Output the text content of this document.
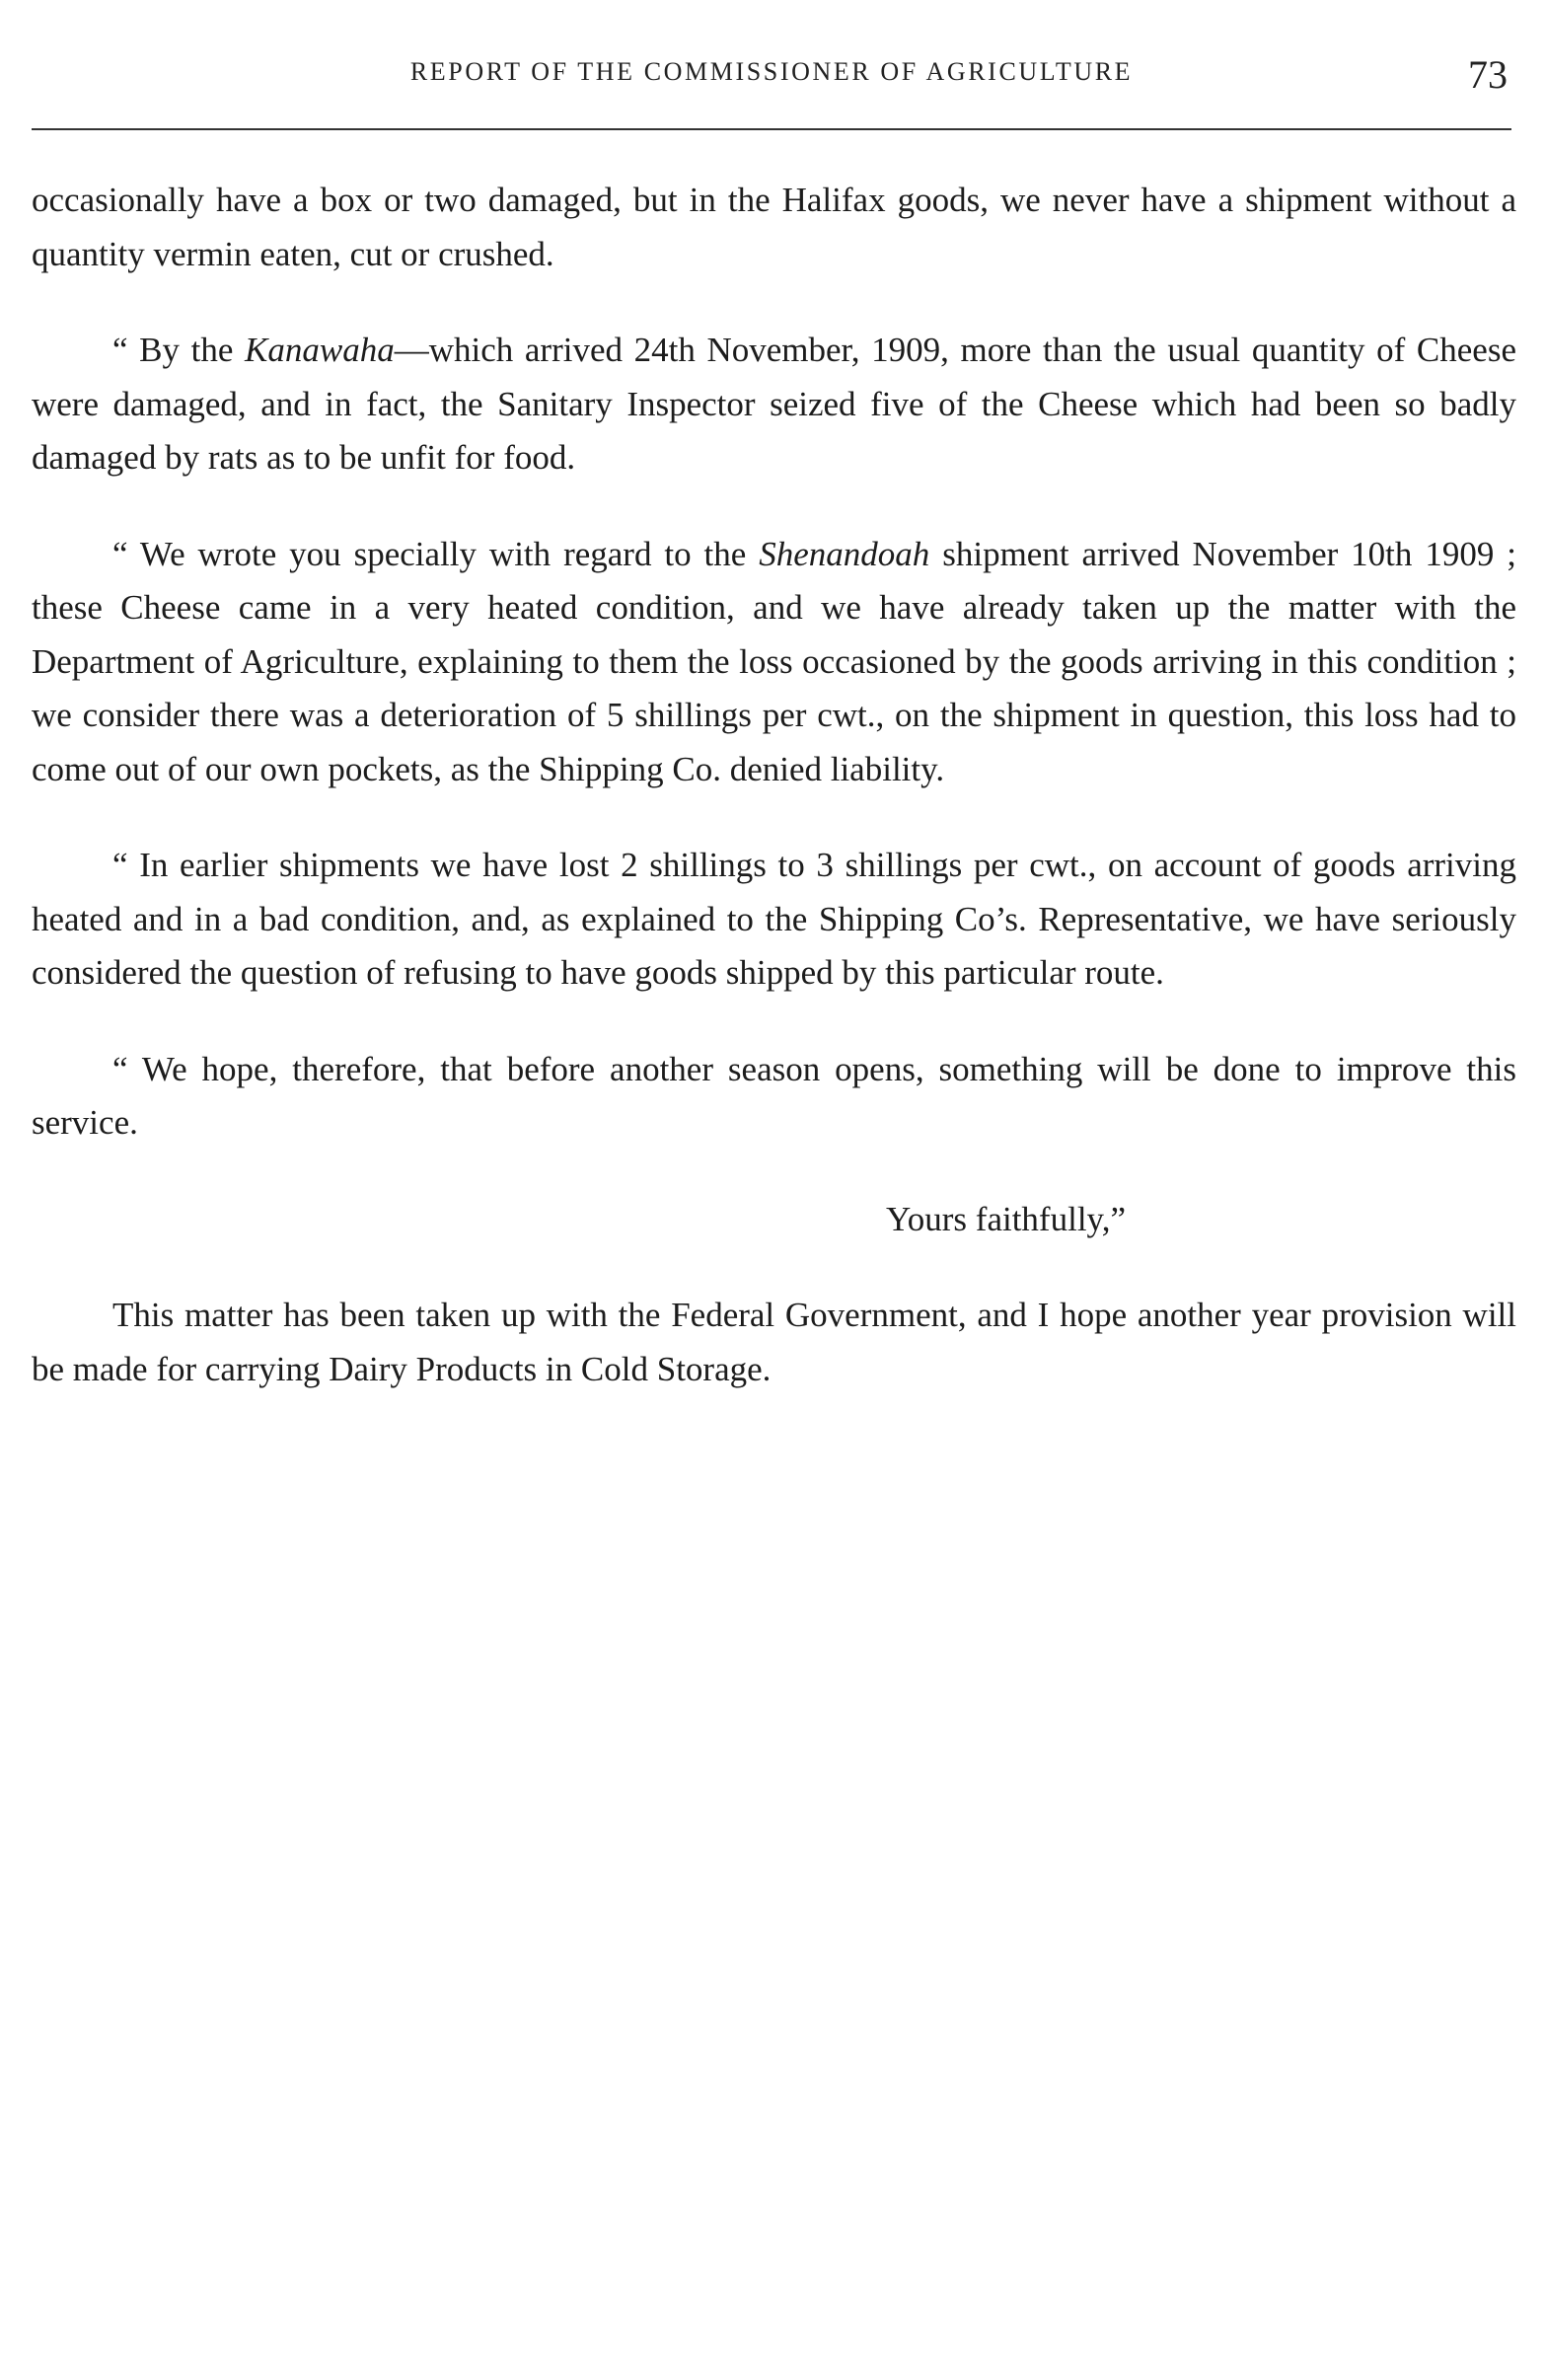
REPORT OF THE COMMISSIONER OF AGRICULTURE	73

occasionally have a box or two damaged, but in the Halifax goods, we never have a shipment without a quantity vermin eaten, cut or crushed.

“ By the Kanawaha—which arrived 24th November, 1909, more than the usual quantity of Cheese were damaged, and in fact, the Sanitary Inspector seized five of the Cheese which had been so badly damaged by rats as to be unfit for food.

“ We wrote you specially with regard to the Shenandoah shipment arrived November 10th 1909 ; these Cheese came in a very heated condition, and we have already taken up the matter with the Department of Agriculture, explaining to them the loss occasioned by the goods arriving in this condition ; we consider there was a deterioration of 5 shillings per cwt., on the shipment in question, this loss had to come out of our own pockets, as the Shipping Co. denied liability.

“ In earlier shipments we have lost 2 shillings to 3 shillings per cwt., on account of goods arriving heated and in a bad condition, and, as explained to the Shipping Co’s. Representative, we have seriously considered the question of refusing to have goods shipped by this particular route.

“ We hope, therefore, that before another season opens, something will be done to improve this service.

Yours faithfully,”

This matter has been taken up with the Federal Government, and I hope another year provision will be made for carrying Dairy Products in Cold Storage.
